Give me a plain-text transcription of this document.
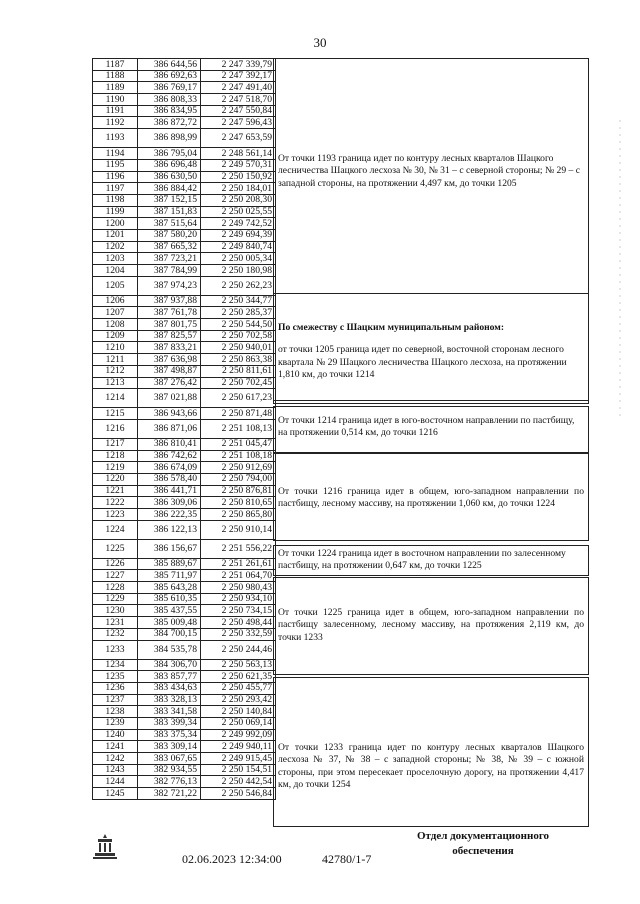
30
1187	386 644,56	2 247 339,79
1188	386 692,63	2 247 392,17
1189	386 769,17	2 247 491,40
1190	386 808,33	2 247 518,70
1191	386 834,95	2 247 550,84
1192	386 872,72	2 247 596,43
1193	386 898,99	2 247 653,59
1194	386 795,04	2 248 561,14
1195	386 696,48	2 249 570,31
1196	386 630,50	2 250 150,92
1197	386 884,42	2 250 184,01
1198	387 152,15	2 250 208,30
1199	387 151,83	2 250 025,55
1200	387 515,64	2 249 742,52
1201	387 580,20	2 249 694,39
1202	387 665,32	2 249 840,74
1203	387 723,21	2 250 005,34
1204	387 784,99	2 250 180,98
1205	387 974,23	2 250 262,23
1206	387 937,88	2 250 344,77
1207	387 761,78	2 250 285,37
1208	387 801,75	2 250 544,50
1209	387 825,57	2 250 702,58
1210	387 833,21	2 250 940,01
1211	387 636,98	2 250 863,38
1212	387 498,87	2 250 811,61
1213	387 276,42	2 250 702,45
1214	387 021,88	2 250 617,23
1215	386 943,66	2 250 871,48
1216	386 871,06	2 251 108,13
1217	386 810,41	2 251 045,47
1218	386 742,62	2 251 108,18
1219	386 674,09	2 250 912,69
1220	386 578,40	2 250 794,00
1221	386 441,71	2 250 876,81
1222	386 309,06	2 250 810,65
1223	386 222,35	2 250 865,80
1224	386 122,13	2 250 910,14
1225	386 156,67	2 251 556,22
1226	385 889,67	2 251 261,61
1227	385 711,97	2 251 064,70
1228	385 643,28	2 250 980,43
1229	385 610,35	2 250 934,10
1230	385 437,55	2 250 734,15
1231	385 009,48	2 250 498,44
1232	384 700,15	2 250 332,59
1233	384 535,78	2 250 244,46
1234	384 306,70	2 250 563,13
1235	383 857,77	2 250 621,35
1236	383 434,63	2 250 455,77
1237	383 328,13	2 250 293,42
1238	383 341,58	2 250 140,84
1239	383 399,34	2 250 069,14
1240	383 375,34	2 249 992,09
1241	383 309,14	2 249 940,11
1242	383 067,65	2 249 915,45
1243	382 934,55	2 250 154,51
1244	382 776,13	2 250 442,54
1245	382 721,22	2 250 546,84

От точки 1193 граница идет по контуру лесных кварталов Шацкого лесничества Шацкого лесхоза № 30, № 31 – с северной стороны; № 29 – с западной стороны, на протяжении 4,497 км, до точки 1205

По смежеству с Шацким муниципальным районом:

от точки 1205 граница идет по северной, восточной сторонам лесного квартала № 29 Шацкого лесничества Шацкого лесхоза, на протяжении 1,810 км, до точки 1214

От точки 1214 граница идет в юго-восточном направлении по пастбищу, на протяжении 0,514 км, до точки 1216

От точки 1216 граница идет в общем, юго-западном направлении по пастбищу, лесному массиву, на протяжении 1,060 км, до точки 1224

От точки 1224 граница идет в восточном направлении по залесенному пастбищу, на протяжении 0,647 км, до точки 1225

От точки 1225 граница идет в общем, юго-западном направлении по пастбищу залесенному, лесному массиву, на протяжения 2,119 км, до точки 1233

От точки 1233 граница идет по контуру лесных кварталов Шацкого лесхоза № 37, № 38 – с западной стороны; № 38, № 39 – с южной стороны, при этом пересекает проселочную дорогу, на протяжении 4,417 км, до точки 1254

02.06.2023 12:34:00	42780/1-7
Отдел документационного обеспечения
